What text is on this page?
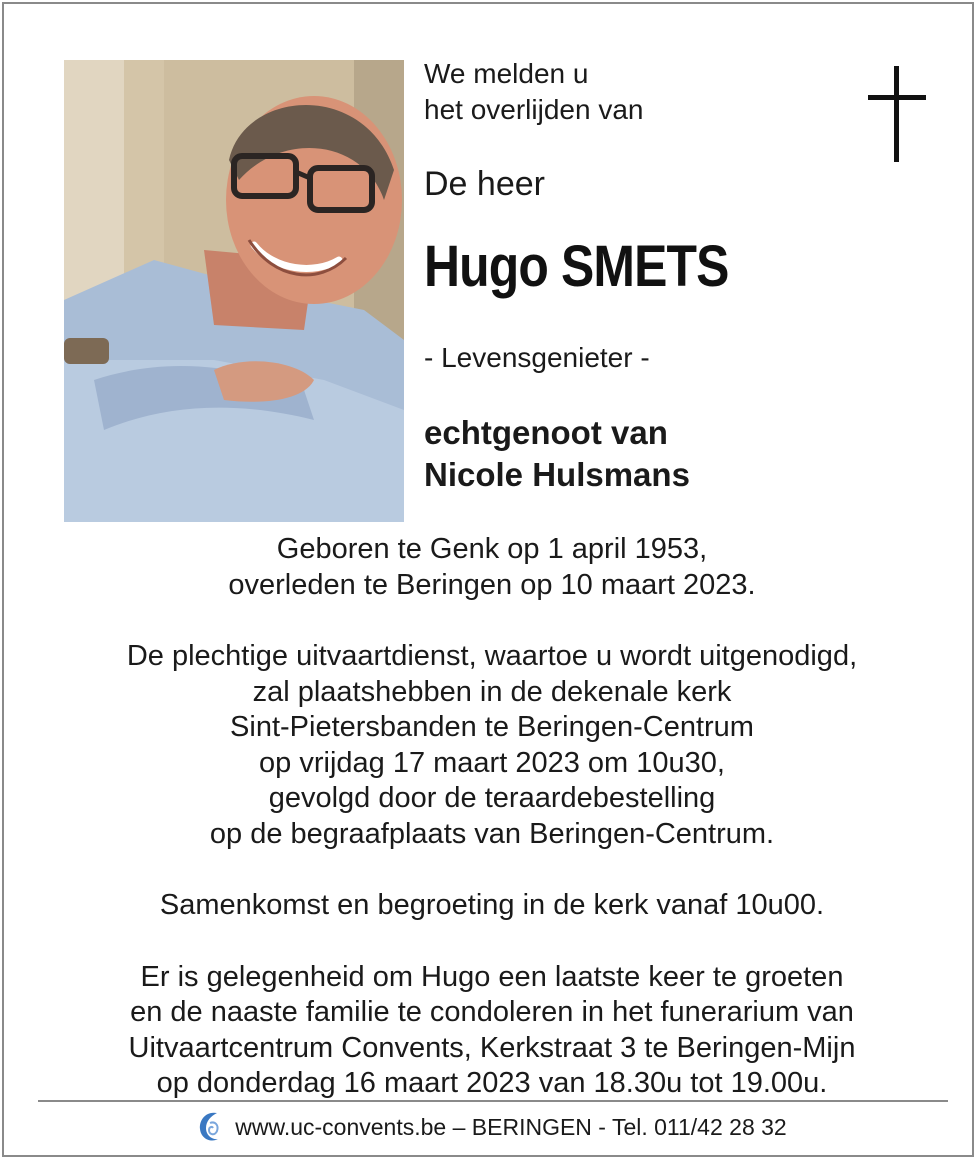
We melden u
het overlijden van
De heer
Hugo SMETS
- Levensgenieter -
echtgenoot van
Nicole Hulsmans

Geboren te Genk op 1 april 1953,

overleden te Beringen op 10 maart 2023.

De plechtige uitvaartdienst, waartoe u wordt uitgenodigd,

zal plaatshebben in de dekenale kerk

Sint-Pietersbanden te Beringen-Centrum

op vrijdag 17 maart 2023 om 10u30,

gevolgd door de teraardebestelling

op de begraafplaats van Beringen-Centrum.

Samenkomst en begroeting in de kerk vanaf 10u00.

Er is gelegenheid om Hugo een laatste keer te groeten

en de naaste familie te condoleren in het funerarium van

Uitvaartcentrum Convents, Kerkstraat 3 te Beringen-Mijn

op donderdag 16 maart 2023 van 18.30u tot 19.00u.

www.uc-convents.be – BERINGEN - Tel. 011/42 28 32
